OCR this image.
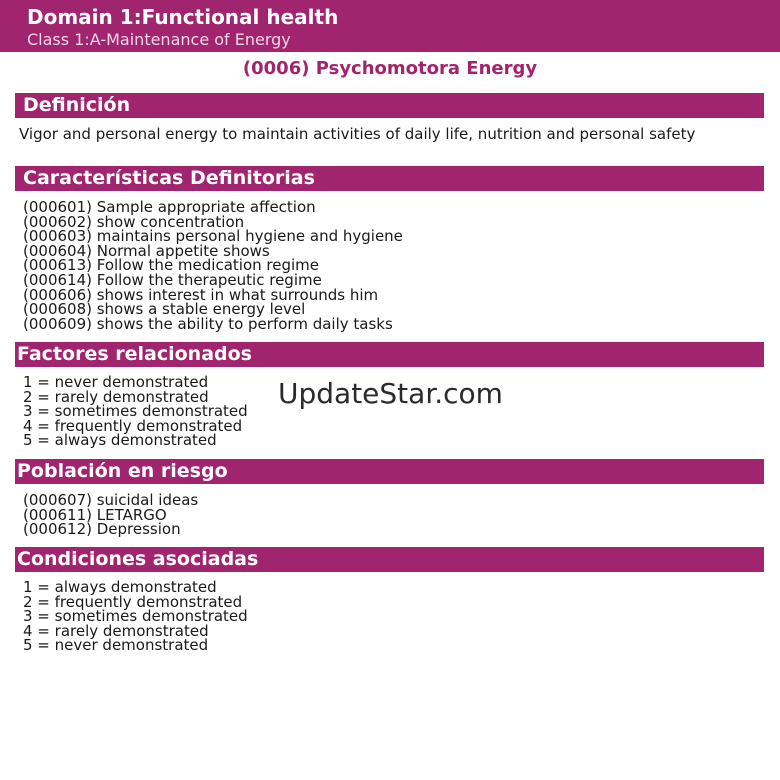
Domain 1:Functional health
Class 1:A-Maintenance of Energy
(0006) Psychomotora Energy
Definición
Vigor and personal energy to maintain activities of daily life, nutrition and personal safety
Características Definitorias
(000601) Sample appropriate affection
(000602) show concentration
(000603) maintains personal hygiene and hygiene
(000604) Normal appetite shows
(000613) Follow the medication regime
(000614) Follow the therapeutic regime
(000606) shows interest in what surrounds him
(000608) shows a stable energy level
(000609) shows the ability to perform daily tasks
Factores relacionados
1 = never demonstrated
2 = rarely demonstrated
3 = sometimes demonstrated
4 = frequently demonstrated
5 = always demonstrated
Población en riesgo
(000607) suicidal ideas
(000611) LETARGO
(000612) Depression
Condiciones asociadas
1 = always demonstrated
2 = frequently demonstrated
3 = sometimes demonstrated
4 = rarely demonstrated
5 = never demonstrated
UpdateStar.com
